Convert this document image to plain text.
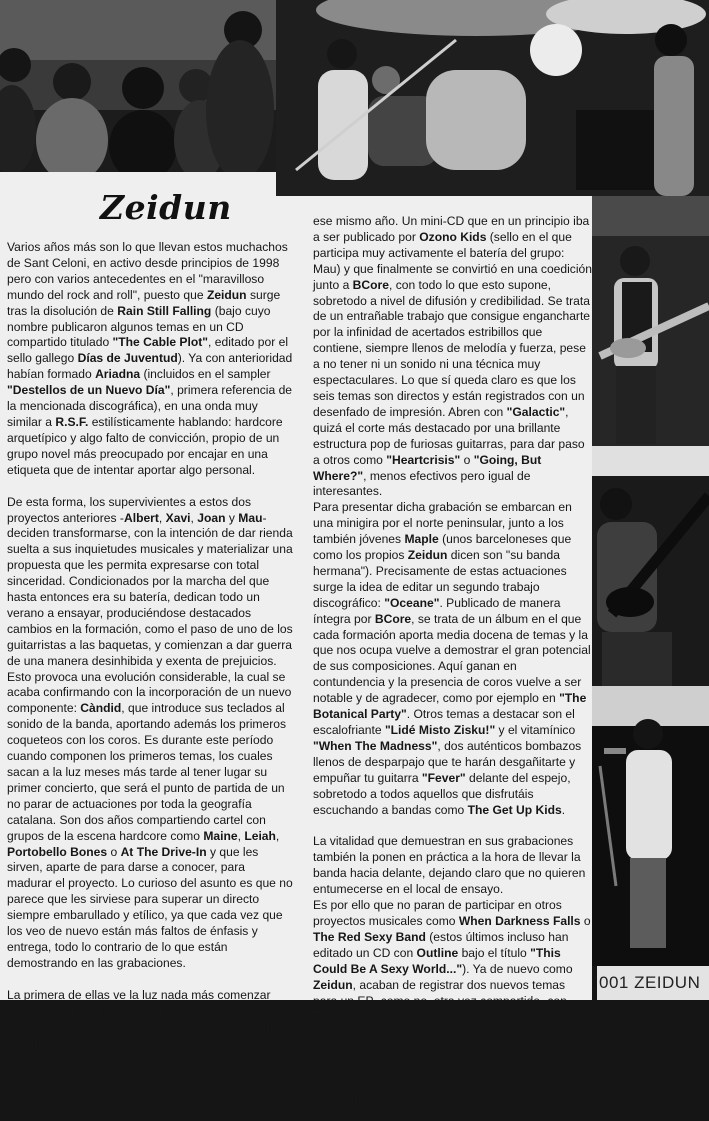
Zeidun

Varios años más son lo que llevan estos muchachos de Sant Celoni, en activo desde principios de 1998 pero con varios antecedentes en el "maravilloso mundo del rock and roll", puesto que Zeidun surge tras la disolución de Rain Still Falling (bajo cuyo nombre publicaron algunos temas en un CD compartido titulado "The Cable Plot", editado por el sello gallego Días de Juventud). Ya con anterioridad habían formado Ariadna (incluidos en el sampler "Destellos de un Nuevo Día", primera referencia de la mencionada discográfica), en una onda muy similar a R.S.F. estilísticamente hablando: hardcore arquetípico y algo falto de convicción, propio de un grupo novel más preocupado por encajar en una etiqueta que de intentar aportar algo personal.

De esta forma, los supervivientes a estos dos proyectos anteriores -Albert, Xavi, Joan y Mau- deciden transformarse, con la intención de dar rienda suelta a sus inquietudes musicales y materializar una propuesta que les permita expresarse con total sinceridad. Condicionados por la marcha del que hasta entonces era su batería, dedican todo un verano a ensayar, produciéndose destacados cambios en la formación, como el paso de uno de los guitarristas a las baquetas, y comienzan a dar guerra de una manera desinhibida y exenta de prejuicios. Esto provoca una evolución considerable, la cual se acaba confirmando con la incorporación de un nuevo componente: Càndid, que introduce sus teclados al sonido de la banda, aportando además los primeros coqueteos con los coros. Es durante este período cuando componen los primeros temas, los cuales sacan a la luz meses más tarde al tener lugar su primer concierto, que será el punto de partida de un no parar de actuaciones por toda la geografía catalana. Son dos años compartiendo cartel con grupos de la escena hardcore como Maine, Leiah, Portobello Bones o At The Drive-In y que les sirven, aparte de para darse a conocer, para madurar el proyecto. Lo curioso del asunto es que no parece que les sirviese para superar un directo siempre embarullado y etílico, ya que cada vez que los veo de nuevo están más faltos de énfasis y entrega, todo lo contrario de lo que están demostrando en las grabaciones.

La primera de ellas ve la luz nada más comenzar 2000, cuando deciden registrar sus primeras composiciones, que desembocarán en el ansiado debut discográfico, "001", allá por noviembre de

ese mismo año. Un mini-CD que en un principio iba a ser publicado por Ozono Kids (sello en el que participa muy activamente el batería del grupo: Mau) y que finalmente se convirtió en una coedición junto a BCore, con todo lo que esto supone, sobretodo a nivel de difusión y credibilidad. Se trata de un entrañable trabajo que consigue engancharte por la infinidad de acertados estribillos que contiene, siempre llenos de melodía y fuerza, pese a no tener ni un sonido ni una técnica muy espectaculares. Lo que sí queda claro es que los seis temas son directos y están registrados con un desenfado de impresión. Abren con "Galactic", quizá el corte más destacado por una brillante estructura pop de furiosas guitarras, para dar paso a otros como "Heartcrisis" o "Going, But Where?", menos efectivos pero igual de interesantes.

Para presentar dicha grabación se embarcan en una minigira por el norte peninsular, junto a los también jóvenes Maple (unos barceloneses que como los propios Zeidun dicen son "su banda hermana"). Precisamente de estas actuaciones surge la idea de editar un segundo trabajo discográfico: "Oceane". Publicado de manera íntegra por BCore, se trata de un álbum en el que cada formación aporta media docena de temas y la que nos ocupa vuelve a demostrar el gran potencial de sus composiciones. Aquí ganan en contundencia y la presencia de coros vuelve a ser notable y de agradecer, como por ejemplo en "The Botanical Party". Otros temas a destacar son el escalofriante "Lidé Misto Zisku!" y el vitamínico "When The Madness", dos auténticos bombazos llenos de desparpajo que te harán desgañitarte y empuñar tu guitarra "Fever" delante del espejo, sobretodo a todos aquellos que disfrutáis escuchando a bandas como The Get Up Kids.

La vitalidad que demuestran en sus grabaciones también la ponen en práctica a la hora de llevar la banda hacia delante, dejando claro que no quieren entumecerse en el local de ensayo.

Es por ello que no paran de participar en otros proyectos musicales como When Darkness Falls o The Red Sexy Band (estos últimos incluso han editado un CD con Outline bajo el título "This Could Be A Sexy World..."). Ya de nuevo como Zeidun, acaban de registrar dos nuevos temas para un EP -como no, otra vez compartido- con Tokyo Sex Destruction y además están preparando las canciones de lo que ha de ser su primer larga duración, previsto para finales de año. Lo espero con ganas para seguir impregnándome del radiante espíritu teenager que desprenden estos cinco chavalotes.

001 ZEIDUN
